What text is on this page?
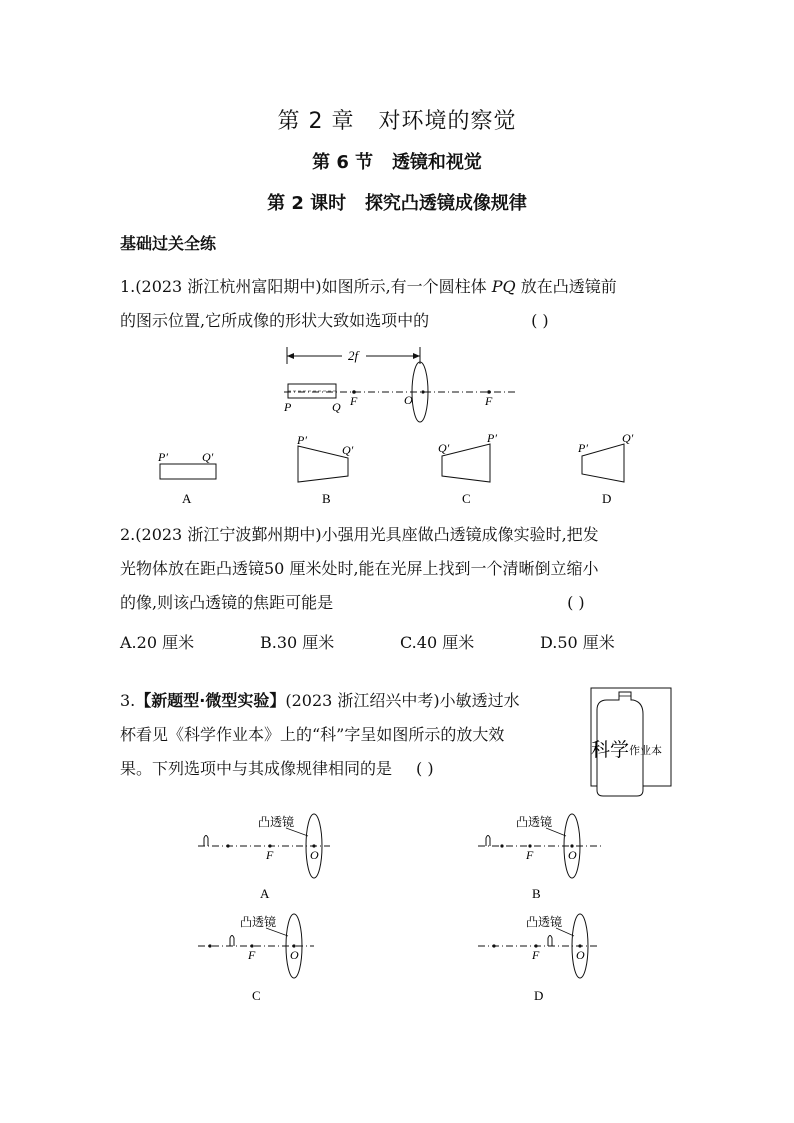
第 2 章 对环境的察觉
第 6 节 透镜和视觉
第 2 课时 探究凸透镜成像规律
基础过关全练
1.(2023 浙江杭州富阳期中)如图所示,有一个圆柱体 PQ 放在凸透镜前
的图示位置,它所成像的形状大致如选项中的	( )
2f
P	Q F	O	F
P′	Q′
A
P′
Q′
B
Q′
P′
C
P′
Q′
D
2.(2023 浙江宁波鄞州期中)小强用光具座做凸透镜成像实验时,把发
光物体放在距凸透镜50 厘米处时,能在光屏上找到一个清晰倒立缩小
的像,则该凸透镜的焦距可能是	( )
A.20 厘米	B.30 厘米	C.40 厘米	D.50 厘米
3.【新题型·微型实验】(2023 浙江绍兴中考)小敏透过水
杯看见《科学作业本》上的“科”字呈如图所示的放大效
果。下列选项中与其成像规律相同的是 ( )
科学 作业本
凸透镜
F	O
A
凸透镜
F	O
B
凸透镜
F	O
C
凸透镜
F	O
D
